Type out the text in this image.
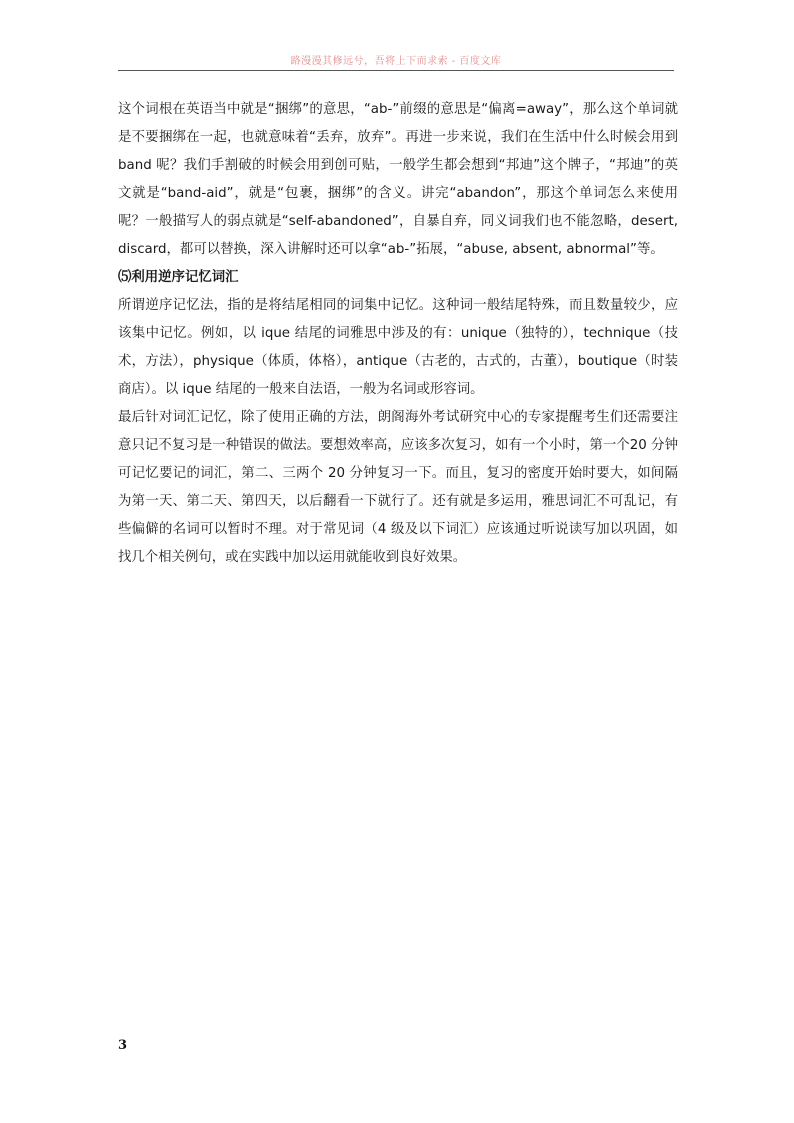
路漫漫其修远兮，吾将上下而求索 - 百度文库

这个词根在英语当中就是“捆绑”的意思，“ab-”前缀的意思是“偏离=away”，那么这个单词就是不要捆绑在一起，也就意味着“丢弃，放弃”。再进一步来说，我们在生活中什么时候会用到 band 呢？我们手割破的时候会用到创可贴，一般学生都会想到“邦迪”这个牌子，“邦迪”的英文就是“band-aid”，就是“包裹，捆绑”的含义。讲完“abandon”，那这个单词怎么来使用呢？一般描写人的弱点就是“self-abandoned”，自暴自弃，同义词我们也不能忽略，desert, discard，都可以替换，深入讲解时还可以拿“ab-”拓展，“abuse, absent, abnormal”等。

⑸利用逆序记忆词汇

所谓逆序记忆法，指的是将结尾相同的词集中记忆。这种词一般结尾特殊，而且数量较少，应该集中记忆。例如，以 ique 结尾的词雅思中涉及的有：unique（独特的），technique（技术，方法），physique（体质，体格），antique（古老的，古式的，古董），boutique（时装商店）。以 ique 结尾的一般来自法语，一般为名词或形容词。

最后针对词汇记忆，除了使用正确的方法，朗阁海外考试研究中心的专家提醒考生们还需要注意只记不复习是一种错误的做法。要想效率高，应该多次复习，如有一个小时，第一个20 分钟可记忆要记的词汇，第二、三两个 20 分钟复习一下。而且，复习的密度开始时要大，如间隔为第一天、第二天、第四天，以后翻看一下就行了。还有就是多运用，雅思词汇不可乱记，有些偏僻的名词可以暂时不理。对于常见词（4 级及以下词汇）应该通过听说读写加以巩固，如找几个相关例句，或在实践中加以运用就能收到良好效果。

3
